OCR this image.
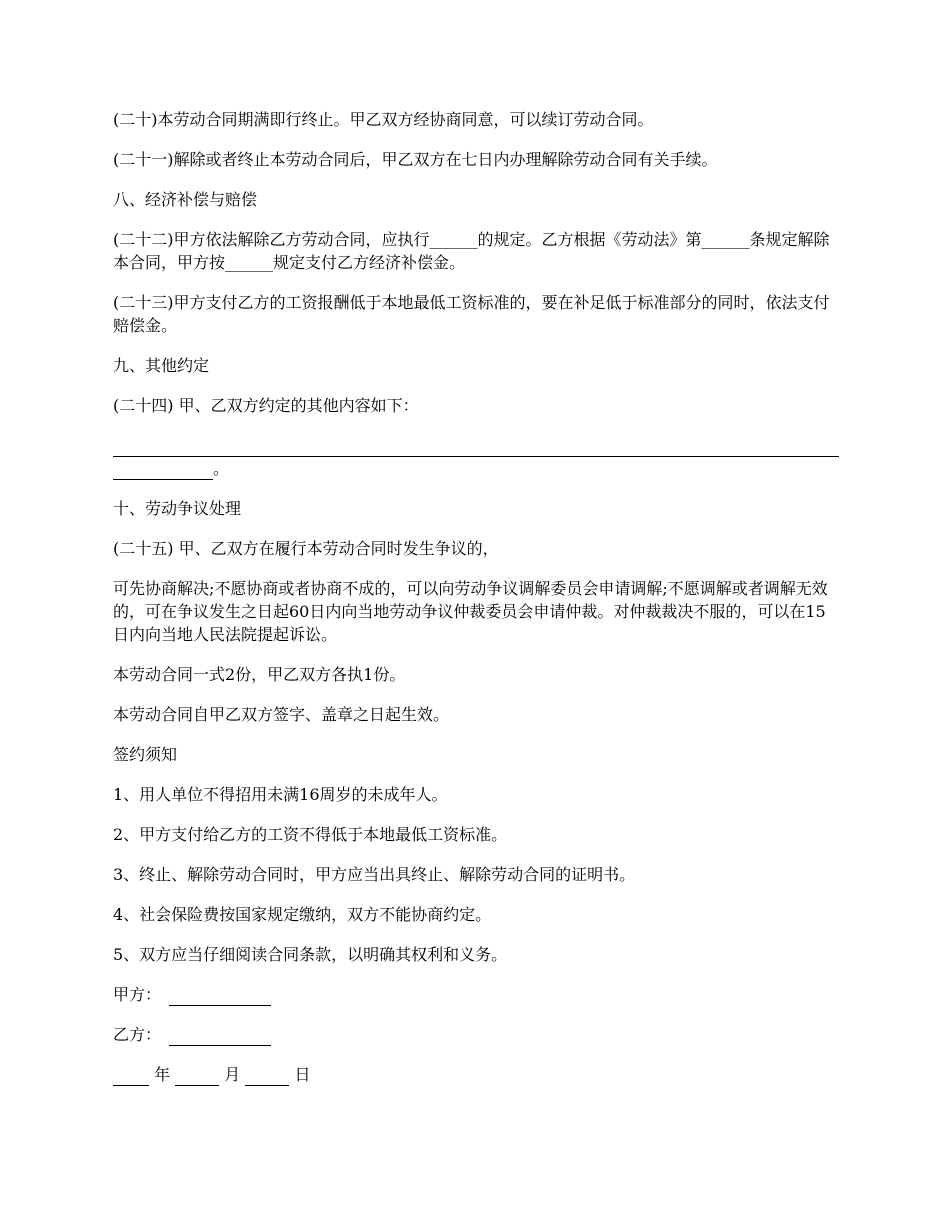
(二十)本劳动合同期满即行终止。甲乙双方经协商同意，可以续订劳动合同。

(二十一)解除或者终止本劳动合同后，甲乙双方在七日内办理解除劳动合同有关手续。

八、经济补偿与赔偿

(二十二)甲方依法解除乙方劳动合同，应执行______的规定。乙方根据《劳动法》第______条规定解除本合同，甲方按______规定支付乙方经济补偿金。

(二十三)甲方支付乙方的工资报酬低于本地最低工资标准的，要在补足低于标准部分的同时，依法支付赔偿金。

九、其他约定

(二十四) 甲、乙双方约定的其他内容如下：

。

十、劳动争议处理

(二十五) 甲、乙双方在履行本劳动合同时发生争议的，

可先协商解决;不愿协商或者协商不成的，可以向劳动争议调解委员会申请调解;不愿调解或者调解无效的，可在争议发生之日起60日内向当地劳动争议仲裁委员会申请仲裁。对仲裁裁决不服的，可以在15日内向当地人民法院提起诉讼。

本劳动合同一式2份，甲乙双方各执1份。

本劳动合同自甲乙双方签字、盖章之日起生效。

签约须知

1、用人单位不得招用未满16周岁的未成年人。

2、甲方支付给乙方的工资不得低于本地最低工资标准。

3、终止、解除劳动合同时，甲方应当出具终止、解除劳动合同的证明书。

4、社会保险费按国家规定缴纳，双方不能协商约定。

5、双方应当仔细阅读合同条款，以明确其权利和义务。

甲方：

乙方：

年	月	日
